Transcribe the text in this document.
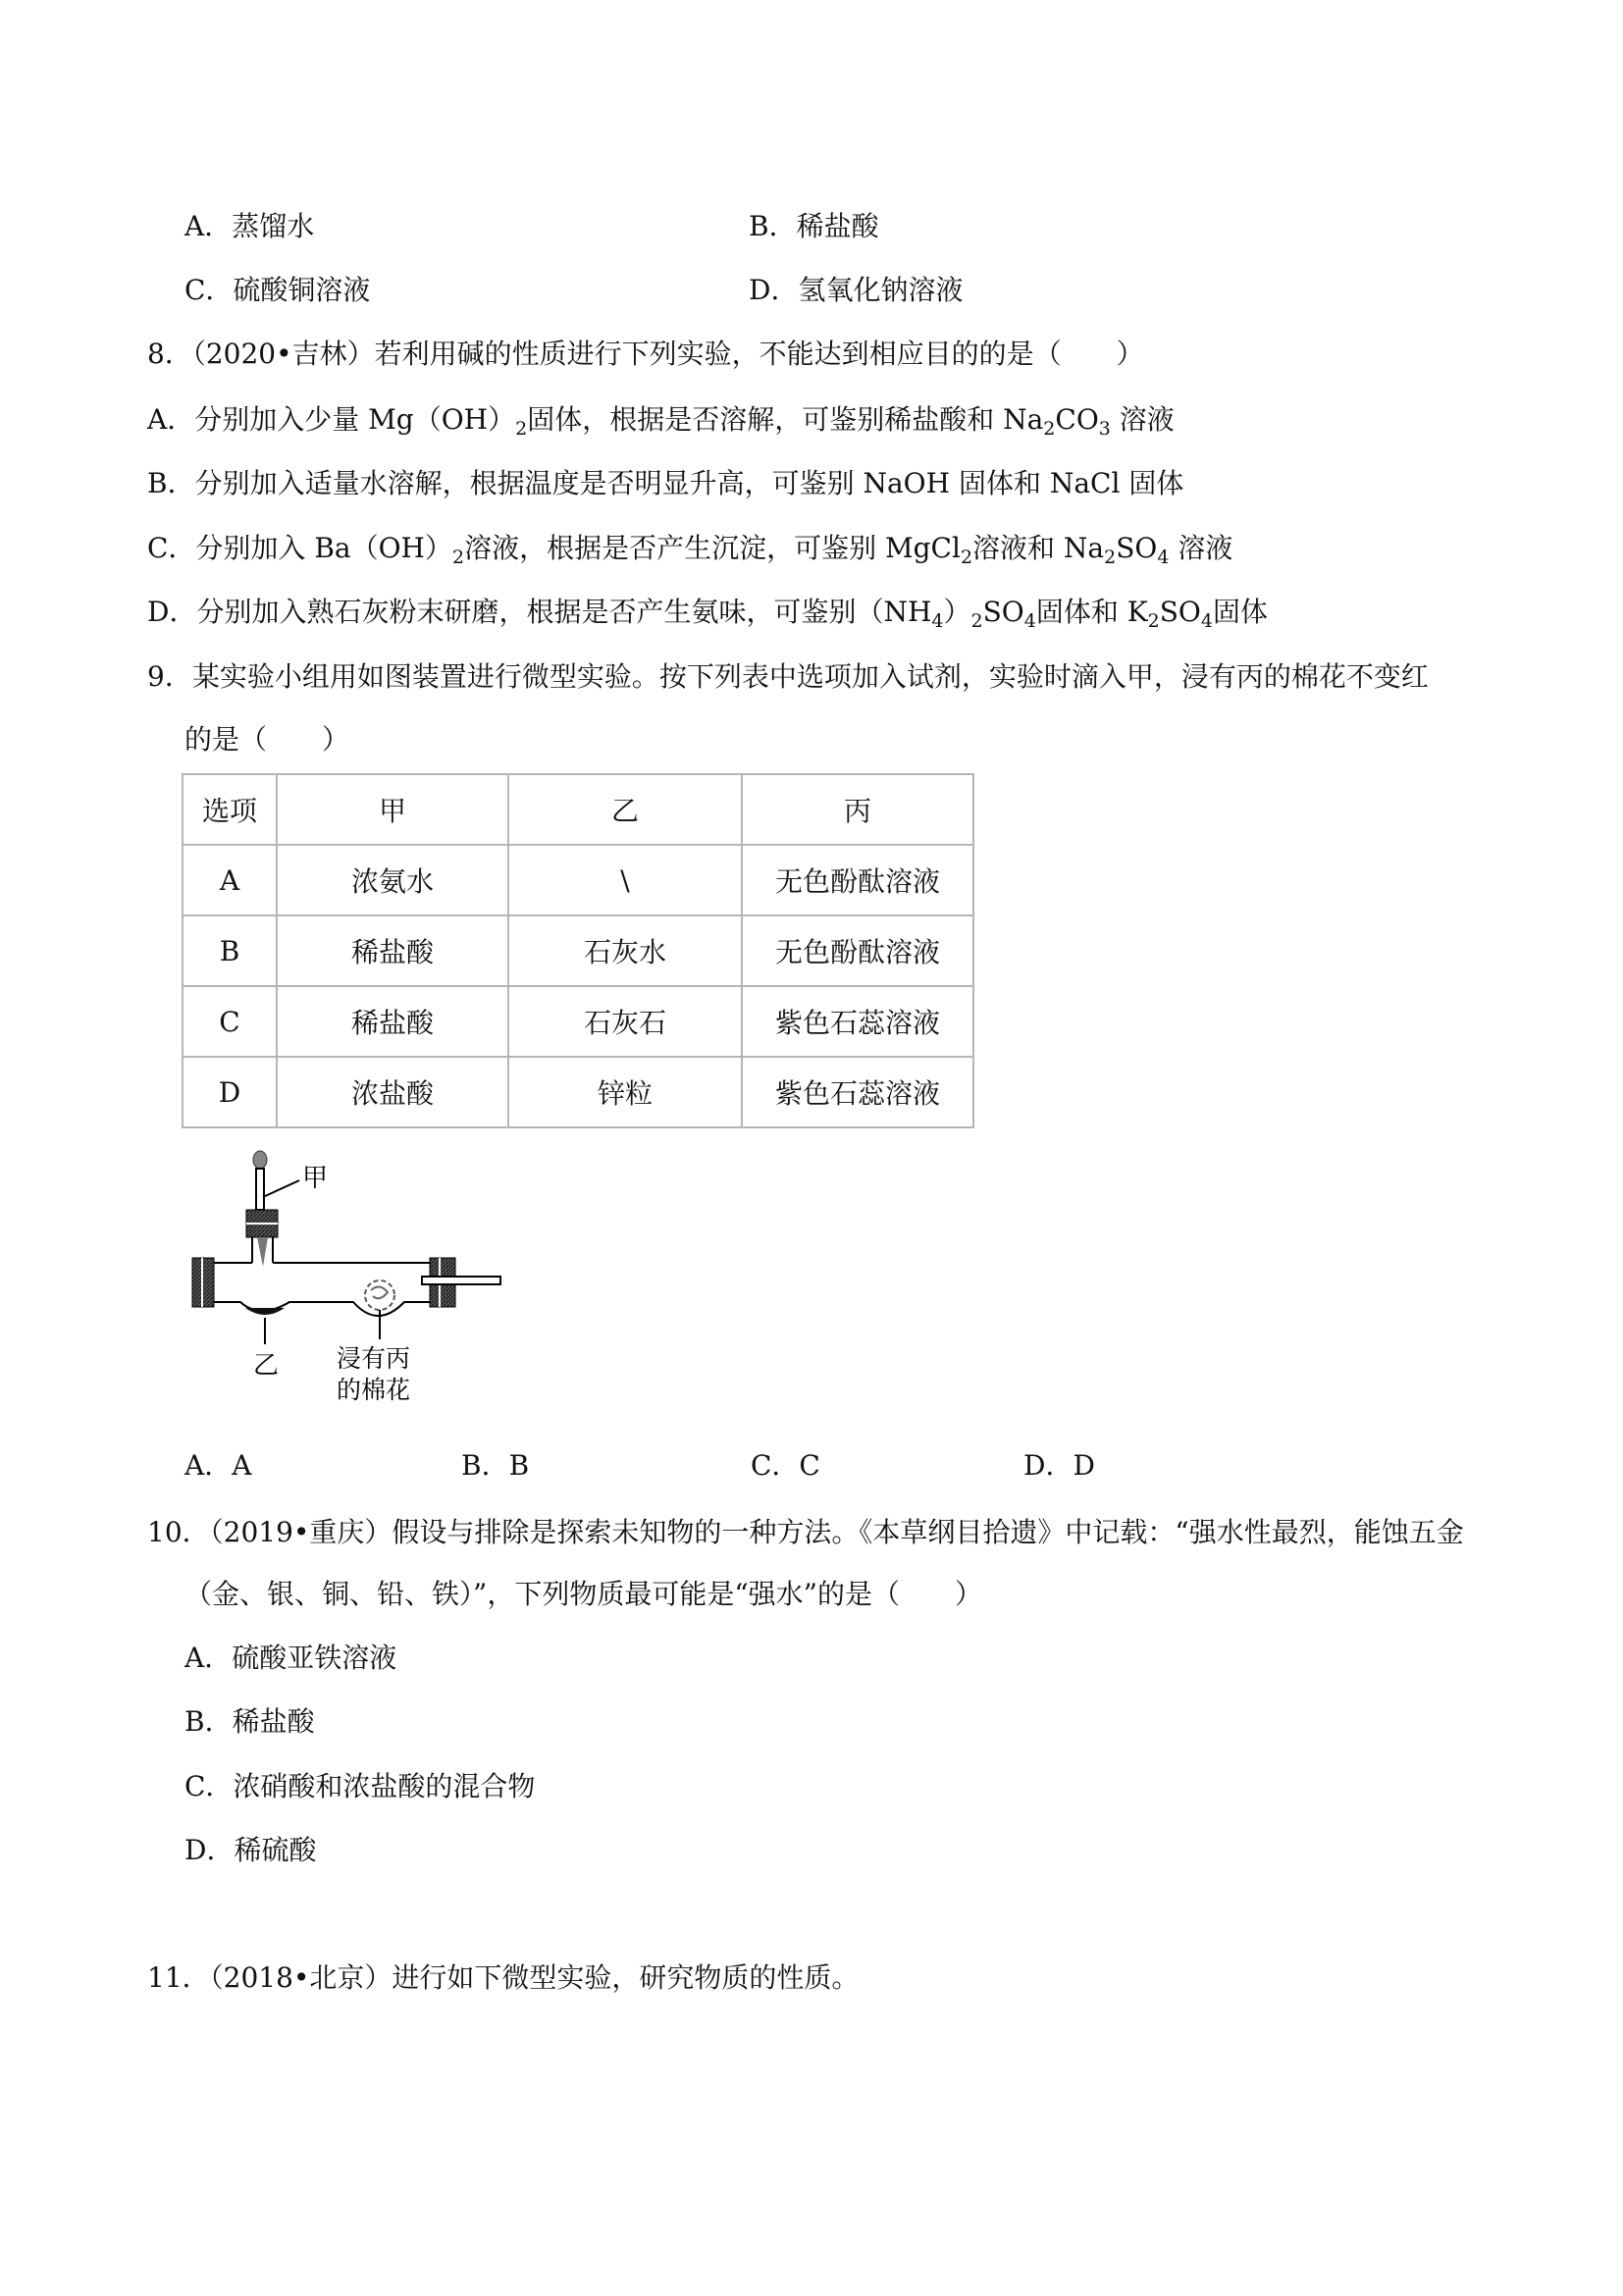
A．蒸馏水	B．稀盐酸
C．硫酸铜溶液	D．氢氧化钠溶液
8．（2020•吉林）若利用碱的性质进行下列实验，不能达到相应目的的是（　　）
A．分别加入少量 $Mg(OH)_2$固体，根据是否溶解，可鉴别稀盐酸和 $Na_2CO_3$ 溶液
B．分别加入适量水溶解，根据温度是否明显升高，可鉴别 NaOH 固体和 NaCl 固体
C．分别加入 $Ba(OH)_2$溶液，根据是否产生沉淀，可鉴别 MgCl$_2$溶液和 $Na_2SO_4$ 溶液
D．分别加入熟石灰粉末研磨，根据是否产生氨味，可鉴别$(NH_4)_2SO_4$固体和 $K_2SO_4$固体
9．某实验小组用如图装置进行微型实验。按下列表中选项加入试剂，实验时滴入甲，浸有丙的棉花不变红
的是（　　）
选项	甲	乙	丙
A	浓氨水	\	无色酚酞溶液
B	稀盐酸	石灰水	无色酚酞溶液
C	稀盐酸	石灰石	紫色石蕊溶液
D	浓盐酸	锌粒	紫色石蕊溶液
甲
乙 浸有丙
的棉花
A．A	B．B	C．C	D．D
10．（2019•重庆）假设与排除是探索未知物的一种方法。《本草纲目拾遗》中记载：“强水性最烈，能蚀五金
（金、银、铜、铅、铁）”，下列物质最可能是“强水”的是（　　）
A．硫酸亚铁溶液
B．稀盐酸
C．浓硝酸和浓盐酸的混合物
D．稀硫酸
11．（2018•北京）进行如下微型实验，研究物质的性质。
